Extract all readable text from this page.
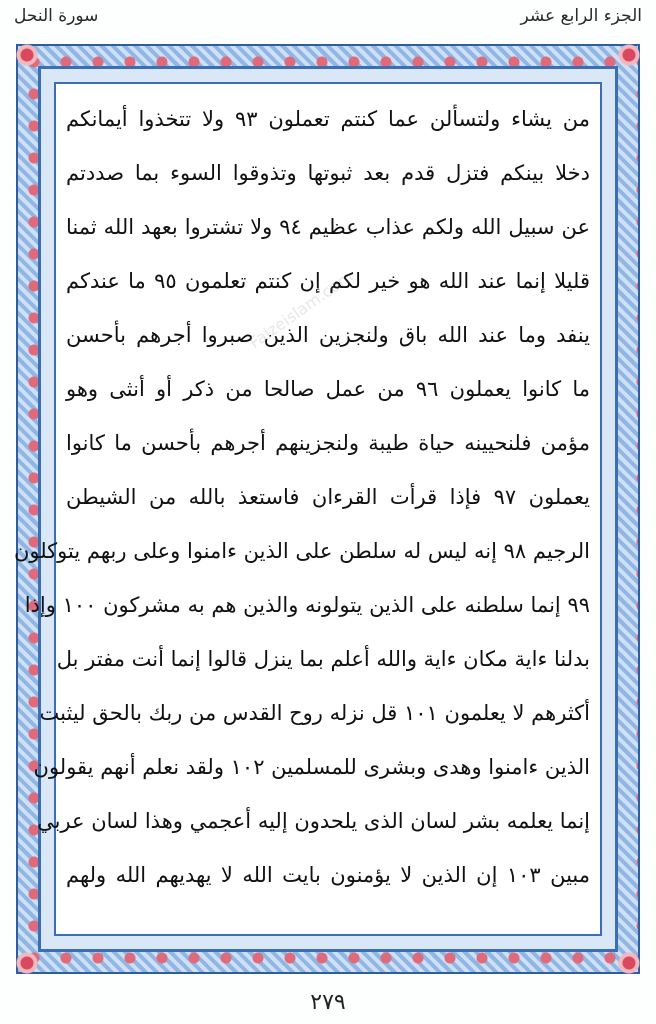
الجزء الرابع عشر
سورة النحل
من يشاء ولتسألن عما كنتم تعملون ٩٣ ولا تتخذوا أيمانكم
دخلا بينكم فتزل قدم بعد ثبوتها وتذوقوا السوء بما صددتم
عن سبيل الله ولكم عذاب عظيم ٩٤ ولا تشتروا بعهد الله ثمنا
قليلا إنما عند الله هو خير لكم إن كنتم تعلمون ٩٥ ما عندكم
ينفد وما عند الله باق ولنجزين الذين صبروا أجرهم بأحسن
ما كانوا يعملون ٩٦ من عمل صالحا من ذكر أو أنثى وهو
مؤمن فلنحيينه حياة طيبة ولنجزينهم أجرهم بأحسن ما كانوا
يعملون ٩٧ فإذا قرأت القرءان فاستعذ بالله من الشيطن
الرجيم ٩٨ إنه ليس له سلطن على الذين ءامنوا وعلى ربهم يتوكلون
٩٩ إنما سلطنه على الذين يتولونه والذين هم به مشركون ١٠٠ وإذا
بدلنا ءاية مكان ءاية والله أعلم بما ينزل قالوا إنما أنت مفتر بل
أكثرهم لا يعلمون ١٠١ قل نزله روح القدس من ربك بالحق ليثبت
الذين ءامنوا وهدى وبشرى للمسلمين ١٠٢ ولقد نعلم أنهم يقولون
إنما يعلمه بشر لسان الذى يلحدون إليه أعجمي وهذا لسان عربي
مبين ١٠٣ إن الذين لا يؤمنون بايت الله لا يهديهم الله ولهم
Faizeislam.com
٢٧٩
